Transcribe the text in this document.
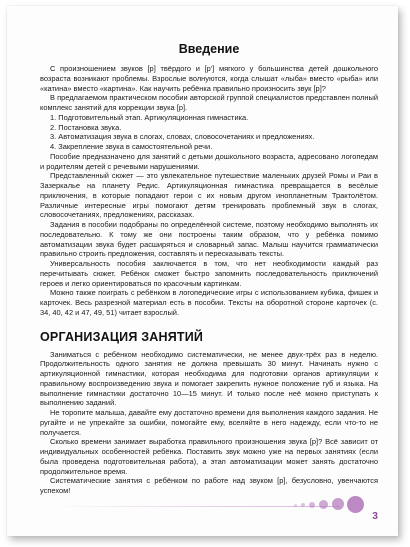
Введение

С произношением звуков [р] твёрдого и [р'] мягкого у большинства детей дошкольного возраста возникают проблемы. Взрослые волнуются, когда слышат «лыба» вместо «рыба» или «катина» вместо «картина». Как научить ребёнка правильно произносить звук [р]?

В предлагаемом практическом пособии авторской группой специалистов представлен полный комплекс занятий для коррекции звука [р].

1. Подготовительный этап. Артикуляционная гимнастика.
2. Постановка звука.
3. Автоматизация звука в слогах, словах, словосочетаниях и предложениях.
4. Закрепление звука в самостоятельной речи.

Пособие предназначено для занятий с детьми дошкольного возраста, адресовано логопедам и родителям детей с речевыми нарушениями.

Представленный сюжет — это увлекательное путешествие маленьких друзей Ромы и Раи в Зазеркалье на планету Редис. Артикуляционная гимнастика превращается в весёлые приключения, в которые попадают герои с их новым другом инопланетным Трактолётом. Различные интересные игры помогают детям тренировать проблемный звук в слогах, словосочетаниях, предложениях, рассказах.

Задания в пособии подобраны по определённой системе, поэтому необходимо выполнять их последовательно. К тому же они построены таким образом, что у ребёнка помимо автоматизации звука будет расширяться и словарный запас. Малыш научится грамматически правильно строить предложения, составлять и пересказывать тексты.

Универсальность пособия заключается в том, что нет необходимости каждый раз перечитывать сюжет. Ребёнок сможет быстро запомнить последовательность приключений героев и легко ориентироваться по красочным картинкам.

Можно также поиграть с ребёнком в логопедические игры с использованием кубика, фишек и карточек. Весь разрезной материал есть в пособии. Тексты на оборотной стороне карточек (с. 34, 40, 42 и 47, 49, 51) читает взрослый.

ОРГАНИЗАЦИЯ ЗАНЯТИЙ

Заниматься с ребёнком необходимо систематически, не менее двух-трёх раз в неделю. Продолжительность одного занятия не должна превышать 30 минут. Начинать нужно с артикуляционной гимнастики, которая необходима для подготовки органов артикуляции к правильному воспроизведению звука и помогает закрепить нужное положение губ и языка. На выполнение гимнастики достаточно 10—15 минут. И только после неё можно приступать к выполнению заданий.

Не торопите малыша, давайте ему достаточно времени для выполнения каждого задания. Не ругайте и не упрекайте за ошибки, помогайте ему, вселяйте в него надежду, если что-то не получается.

Сколько времени занимает выработка правильного произношения звука [р]? Всё зависит от индивидуальных особенностей ребёнка. Поставить звук можно уже на первых занятиях (если была проведена подготовительная работа), а этап автоматизации может занять достаточно продолжительное время.

Систематические занятия с ребёнком по работе над звуком [р], безусловно, увенчаются успехом!

3
